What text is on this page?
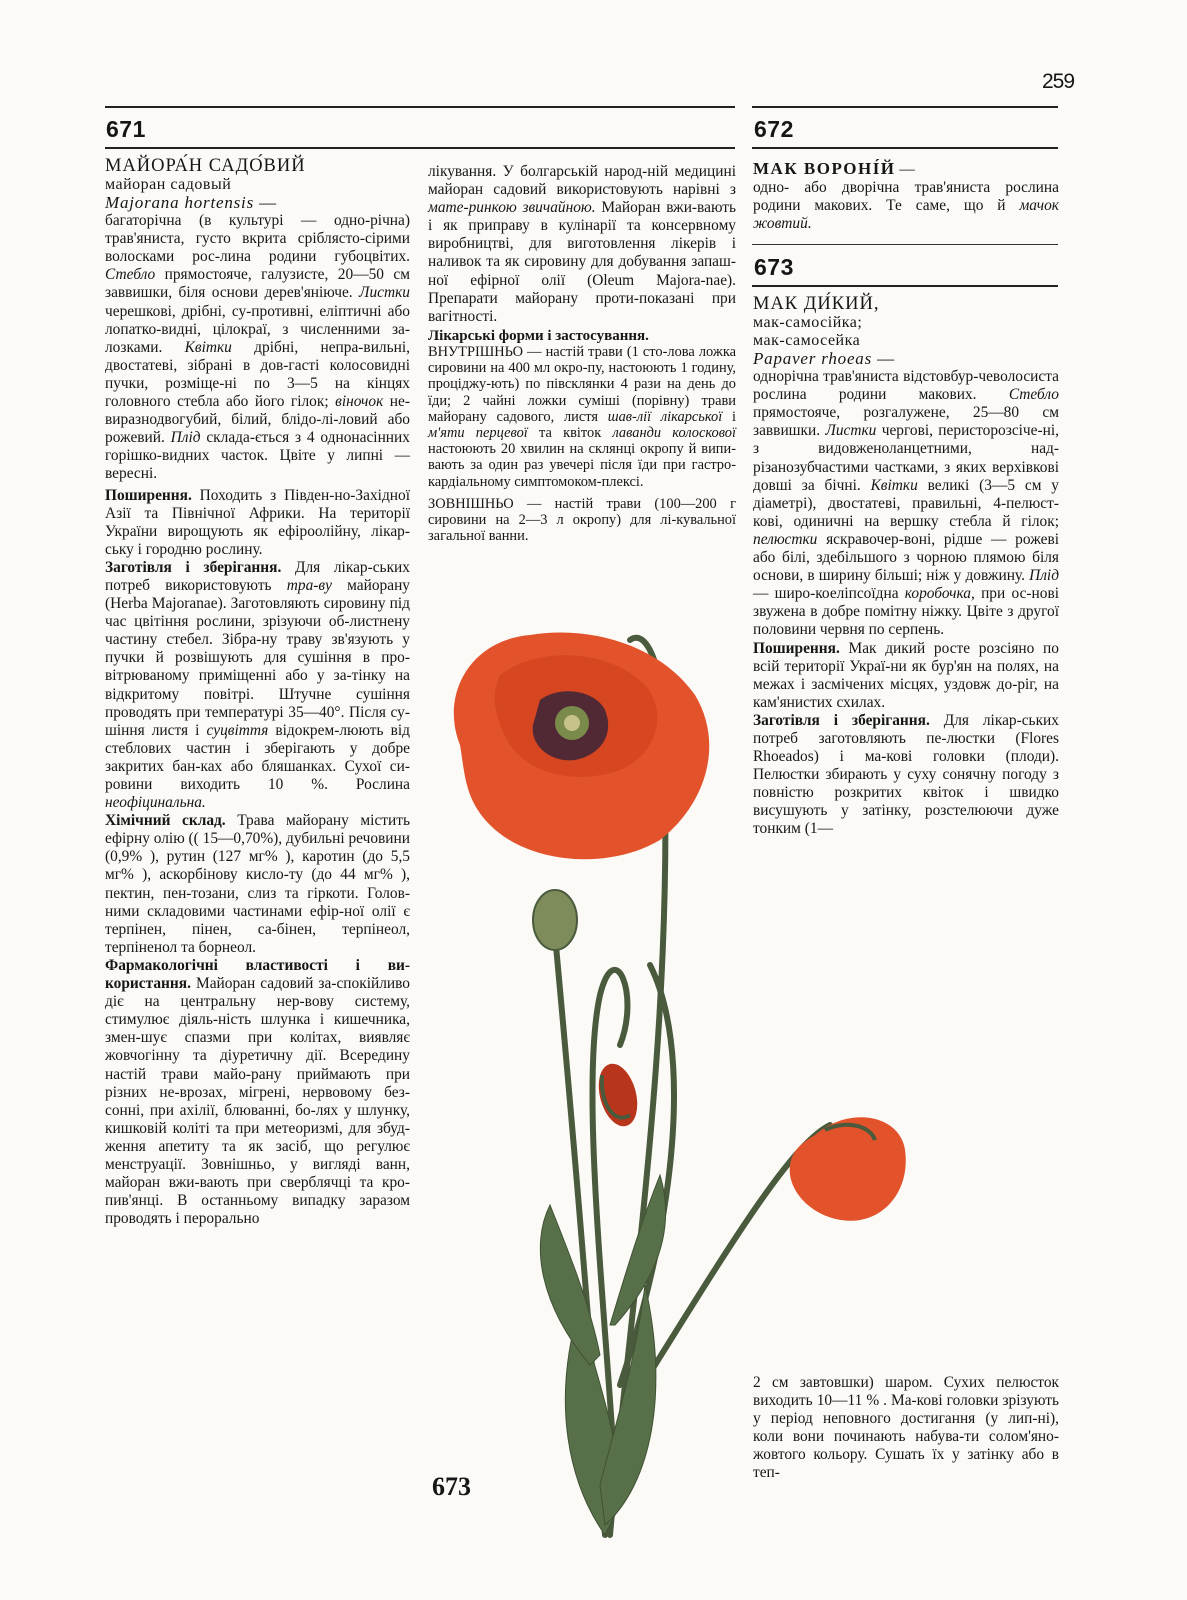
259
671	672
673

МАЙОРА́Н САДО́ВИЙ

майоран садовый

Majorana hortensis —

багаторічна (в культурі — одно-річна) трав'яниста, густо вкрита сріблясто-сірими волосками рос-лина родини губоцвітих. Стебло прямостояче, галузисте, 20—50 см заввишки, біля основи дерев'яніюче. Листки черешкові, дрібні, су-противні, еліптичні або лопатко-видні, цілокраї, з численними за-лозками. Квітки дрібні, непра-вильні, двостатеві, зібрані в дов-гасті колосовидні пучки, розміще-ні по 3—5 на кінцях головного стебла або його гілок; віночок не-виразнодвогубий, білий, блідо-лі-ловий або рожевий. Плід склада-ється з 4 однонасінних горішко-видних часток. Цвіте у липні — вересні.

Поширення. Походить з Півден-но-Західної Азії та Північної Африки. На території України вирощують як ефіроолійну, лікар-ську і городню рослину.

Заготівля і зберігання. Для лікар-ських потреб використовують тра-ву майорану (Herba Majoranae). Заготовляють сировину під час цвітіння рослини, зрізуючи об-листнену частину стебел. Зібра-ну траву зв'язують у пучки й розвішують для сушіння в про-вітрюваному приміщенні або у за-тінку на відкритому повітрі. Штучне сушіння проводять при температурі 35—40°. Після су-шіння листя і суцвіття відокрем-люють від стеблових частин і зберігають у добре закритих бан-ках або бляшанках. Сухої си-ровини виходить 10 %. Рослина неофіцинальна.

Хімічний склад. Трава майорану містить ефірну олію (( 15—0,70%), дубильні речовини (0,9% ), рутин (127 мг% ), каротин (до 5,5 мг% ), аскорбінову кисло-ту (до 44 мг% ), пектин, пен-тозани, слиз та гіркоти. Голов-ними складовими частинами ефір-ної олії є терпінен, пінен, са-бінен, терпінеол, терпіненол та борнеол.

Фармакологічні властивості і ви-користання. Майоран садовий за-спокійливо діє на центральну нер-вову систему, стимулює діяль-ність шлунка і кишечника, змен-шує спазми при колітах, виявляє жовчогінну та діуретичну дії. Всередину настій трави майо-рану приймають при різних не-врозах, мігрені, нервовому без-сонні, при ахілії, блюванні, бо-лях у шлунку, кишковій коліті та при метеоризмі, для збуд-ження апетиту та як засіб, що регулює менструації. Зовнішньо, у вигляді ванн, майоран вжи-вають при сверблячці та кро-пив'янці. В останньому випадку заразом проводять і перорально

лікування. У болгарській народ-ній медицині майоран садовий використовують нарівні з мате-ринкою звичайною. Майоран вжи-вають і як приправу в кулінарії та консервному виробництві, для виготовлення лікерів і наливок та як сировину для добування запаш-ної ефірної олії (Oleum Majora-nae). Препарати майорану проти-показані при вагітності.

Лікарські форми і застосування.
ВНУТРІШНЬО — настій трави (1 сто-лова ложка сировини на 400 мл окро-пу, настоюють 1 годину, проціджу-ють) по півсклянки 4 рази на день до їди; 2 чайні ложки суміші (порівну) трави майорану садового, листя шав-лії лікарської і м'яти перцевої та квіток лаванди колоскової настоюють 20 хвилин на склянці окропу й випи-вають за один раз увечері після їди при гастро-кардіальному симптомоком-плексі.

ЗОВНІШНЬО — настій трави (100—200 г сировини на 2—3 л окропу) для лі-кувальної загальної ванни.

МАК ВОРОНІ́Й —
одно- або дворічна трав'яниста рослина родини макових. Те саме, що й мачок жовтий.

МАК ДИ́КИЙ,

мак-самосійка;

мак-самосейка

Papaver rhoeas —

однорічна трав'яниста відстовбур-чеволосиста рослина родини макових. Стебло прямостояче, розгалужене, 25—80 см заввишки. Листки чергові, перисторозсіче-ні, з видовженоланцетними, над-різанозубчастими частками, з яких верхівкові довші за бічні. Квітки великі (3—5 см у діаметрі), двостатеві, правильні, 4-пелюст-кові, одиничні на вершку стебла й гілок; пелюстки яскравочер-воні, рідше — рожеві або білі, здебільшого з чорною плямою біля основи, в ширину більші; ніж у довжину. Плід — широ-коеліпсоїдна коробочка, при ос-нові звужена в добре помітну ніжку. Цвіте з другої половини червня по серпень.

Поширення. Мак дикий росте розсіяно по всій території Украї-ни як бур'ян на полях, на межах і засмічених місцях, уздовж до-ріг, на кам'янистих схилах.

Заготівля і зберігання. Для лікар-ських потреб заготовляють пе-люстки (Flores Rhoeados) і ма-кові головки (плоди). Пелюстки збирають у суху сонячну погоду з повністю розкритих квіток і швидко висушують у затінку, розстелюючи дуже тонким (1—

2 см завтовшки) шаром. Сухих пелюсток виходить 10—11 % . Ма-кові головки зрізують у період неповного достигання (у лип-ні), коли вони починають набува-ти солом'яно-жовтого кольору. Сушать їх у затінку або в теп-

673
